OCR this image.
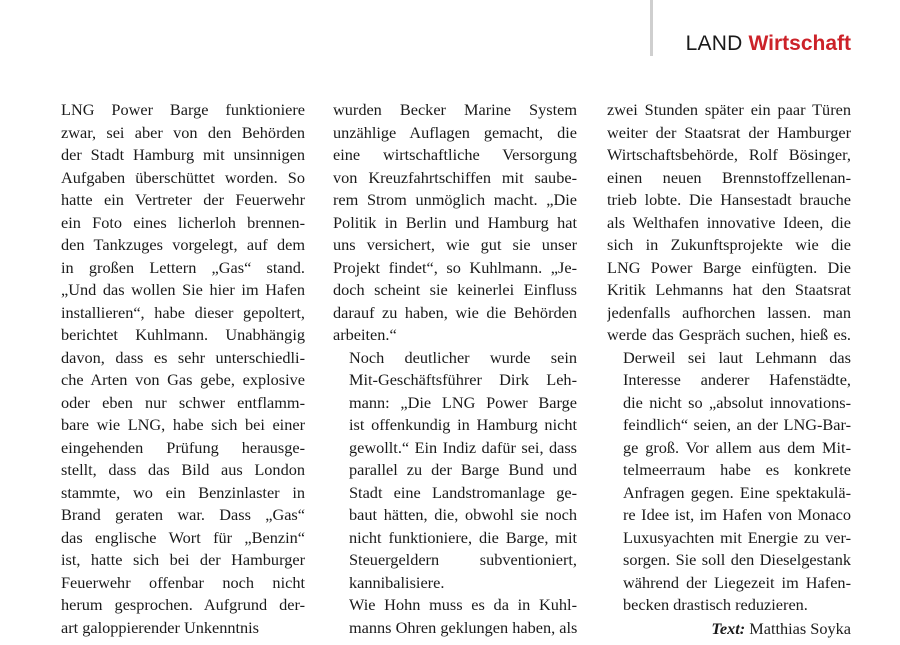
LAND Wirtschaft

LNG Power Barge funktioniere
zwar, sei aber von den Behörden
der Stadt Hamburg mit unsinnigen
Aufgaben überschüttet worden. So
hatte ein Vertreter der Feuerwehr
ein Foto eines licherloh brennen-
den Tankzuges vorgelegt, auf dem
in großen Lettern „Gas“ stand.
„Und das wollen Sie hier im Hafen
installieren“, habe dieser gepoltert,
berichtet Kuhlmann. Unabhängig
davon, dass es sehr unterschiedli-
che Arten von Gas gebe, explosive
oder eben nur schwer entflamm-
bare wie LNG, habe sich bei einer
eingehenden Prüfung herausge-
stellt, dass das Bild aus London
stammte, wo ein Benzinlaster in
Brand geraten war. Dass „Gas“
das englische Wort für „Benzin“
ist, hatte sich bei der Hamburger
Feuerwehr offenbar noch nicht
herum gesprochen. Aufgrund der-
art galoppierender Unkenntnis

wurden Becker Marine System
unzählige Auflagen gemacht, die
eine wirtschaftliche Versorgung
von Kreuzfahrtschiffen mit saube-
rem Strom unmöglich macht. „Die
Politik in Berlin und Hamburg hat
uns versichert, wie gut sie unser
Projekt findet“, so Kuhlmann. „Je-
doch scheint sie keinerlei Einfluss
darauf zu haben, wie die Behörden
arbeiten.“

Noch deutlicher wurde sein
Mit-Geschäftsführer Dirk Leh-
mann: „Die LNG Power Barge
ist offenkundig in Hamburg nicht
gewollt.“ Ein Indiz dafür sei, dass
parallel zu der Barge Bund und
Stadt eine Landstromanlage ge-
baut hätten, die, obwohl sie noch
nicht funktioniere, die Barge, mit
Steuergeldern subventioniert,
kannibalisiere.

Wie Hohn muss es da in Kuhl-
manns Ohren geklungen haben, als

zwei Stunden später ein paar Türen
weiter der Staatsrat der Hamburger
Wirtschaftsbehörde, Rolf Bösinger,
einen neuen Brennstoffzellenan-
trieb lobte. Die Hansestadt brauche
als Welthafen innovative Ideen, die
sich in Zukunftsprojekte wie die
LNG Power Barge einfügten. Die
Kritik Lehmanns hat den Staatsrat
jedenfalls aufhorchen lassen. man
werde das Gespräch suchen, hieß es.

Derweil sei laut Lehmann das
Interesse anderer Hafenstädte,
die nicht so „absolut innovations-
feindlich“ seien, an der LNG-Bar-
ge groß. Vor allem aus dem Mit-
telmeerraum habe es konkrete
Anfragen gegen. Eine spektakulä-
re Idee ist, im Hafen von Monaco
Luxusyachten mit Energie zu ver-
sorgen. Sie soll den Dieselgestank
während der Liegezeit im Hafen-
becken drastisch reduzieren.

Text: Matthias Soyka
